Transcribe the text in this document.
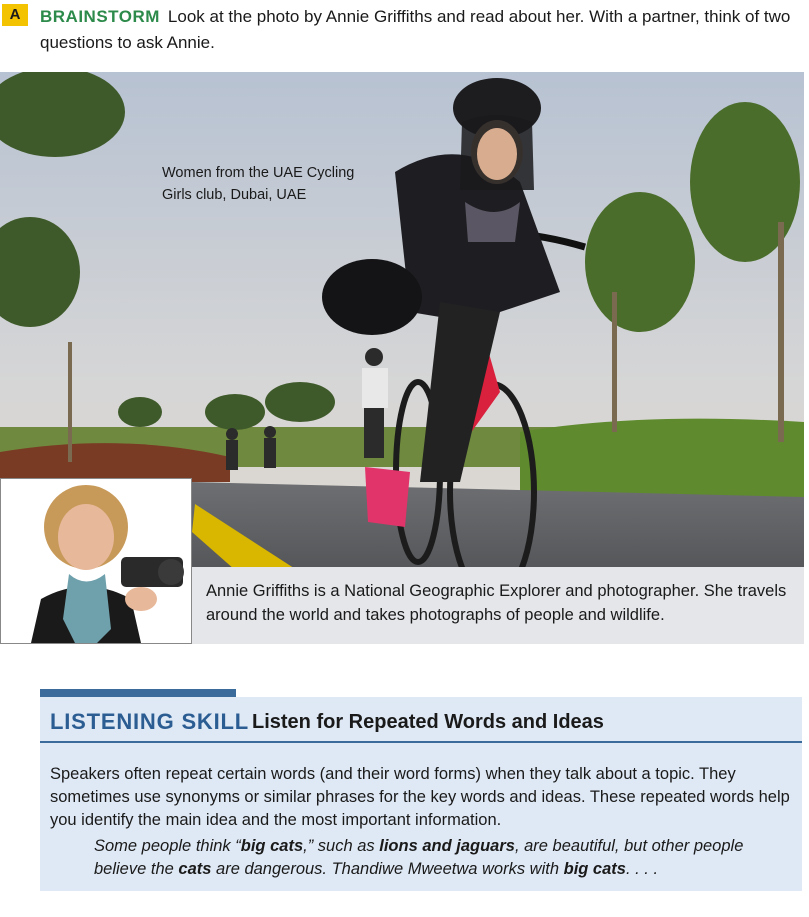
A	BRAINSTORM Look at the photo by Annie Griffiths and read about her. With a partner, think of two questions to ask Annie.

Women from the UAE Cycling
Girls club, Dubai, UAE

Annie Griffiths is a National Geographic Explorer and photographer. She travels around the world and takes photographs of people and wildlife.

LISTENING SKILL Listen for Repeated Words and Ideas

Speakers often repeat certain words (and their word forms) when they talk about a topic. They sometimes use synonyms or similar phrases for the key words and ideas. These repeated words help you identify the main idea and the most important information.

Some people think “big cats,” such as lions and jaguars, are beautiful, but other people believe the cats are dangerous. Thandiwe Mweetwa works with big cats. . . .
